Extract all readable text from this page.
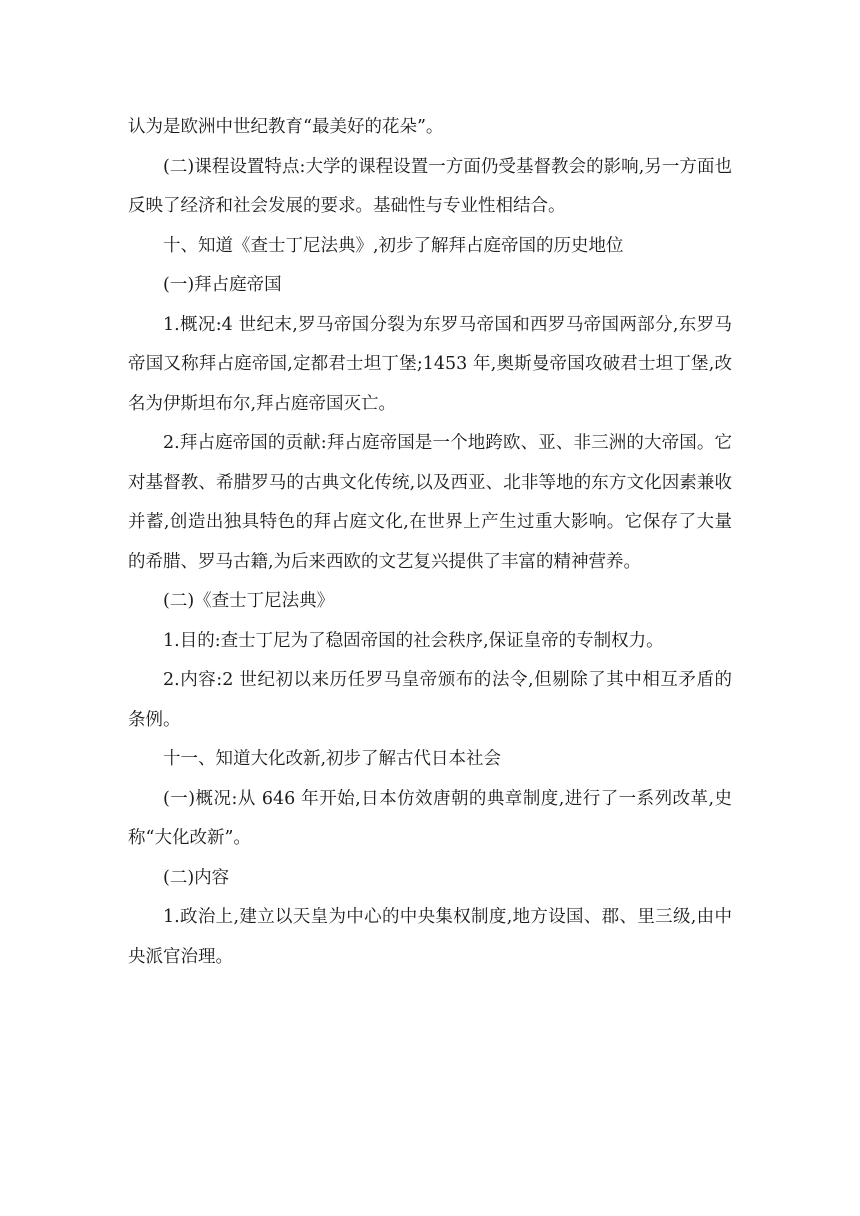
认为是欧洲中世纪教育“最美好的花朵”。

(二)课程设置特点:大学的课程设置一方面仍受基督教会的影响,另一方面也反映了经济和社会发展的要求。基础性与专业性相结合。

十、知道《查士丁尼法典》,初步了解拜占庭帝国的历史地位

(一)拜占庭帝国

1.概况:4 世纪末,罗马帝国分裂为东罗马帝国和西罗马帝国两部分,东罗马帝国又称拜占庭帝国,定都君士坦丁堡;1453 年,奥斯曼帝国攻破君士坦丁堡,改名为伊斯坦布尔,拜占庭帝国灭亡。

2.拜占庭帝国的贡献:拜占庭帝国是一个地跨欧、亚、非三洲的大帝国。它对基督教、希腊罗马的古典文化传统,以及西亚、北非等地的东方文化因素兼收并蓄,创造出独具特色的拜占庭文化,在世界上产生过重大影响。它保存了大量的希腊、罗马古籍,为后来西欧的文艺复兴提供了丰富的精神营养。

(二)《查士丁尼法典》

1.目的:查士丁尼为了稳固帝国的社会秩序,保证皇帝的专制权力。

2.内容:2 世纪初以来历任罗马皇帝颁布的法令,但剔除了其中相互矛盾的条例。

十一、知道大化改新,初步了解古代日本社会

(一)概况:从 646 年开始,日本仿效唐朝的典章制度,进行了一系列改革,史称“大化改新”。

(二)内容

1.政治上,建立以天皇为中心的中央集权制度,地方设国、郡、里三级,由中央派官治理。
